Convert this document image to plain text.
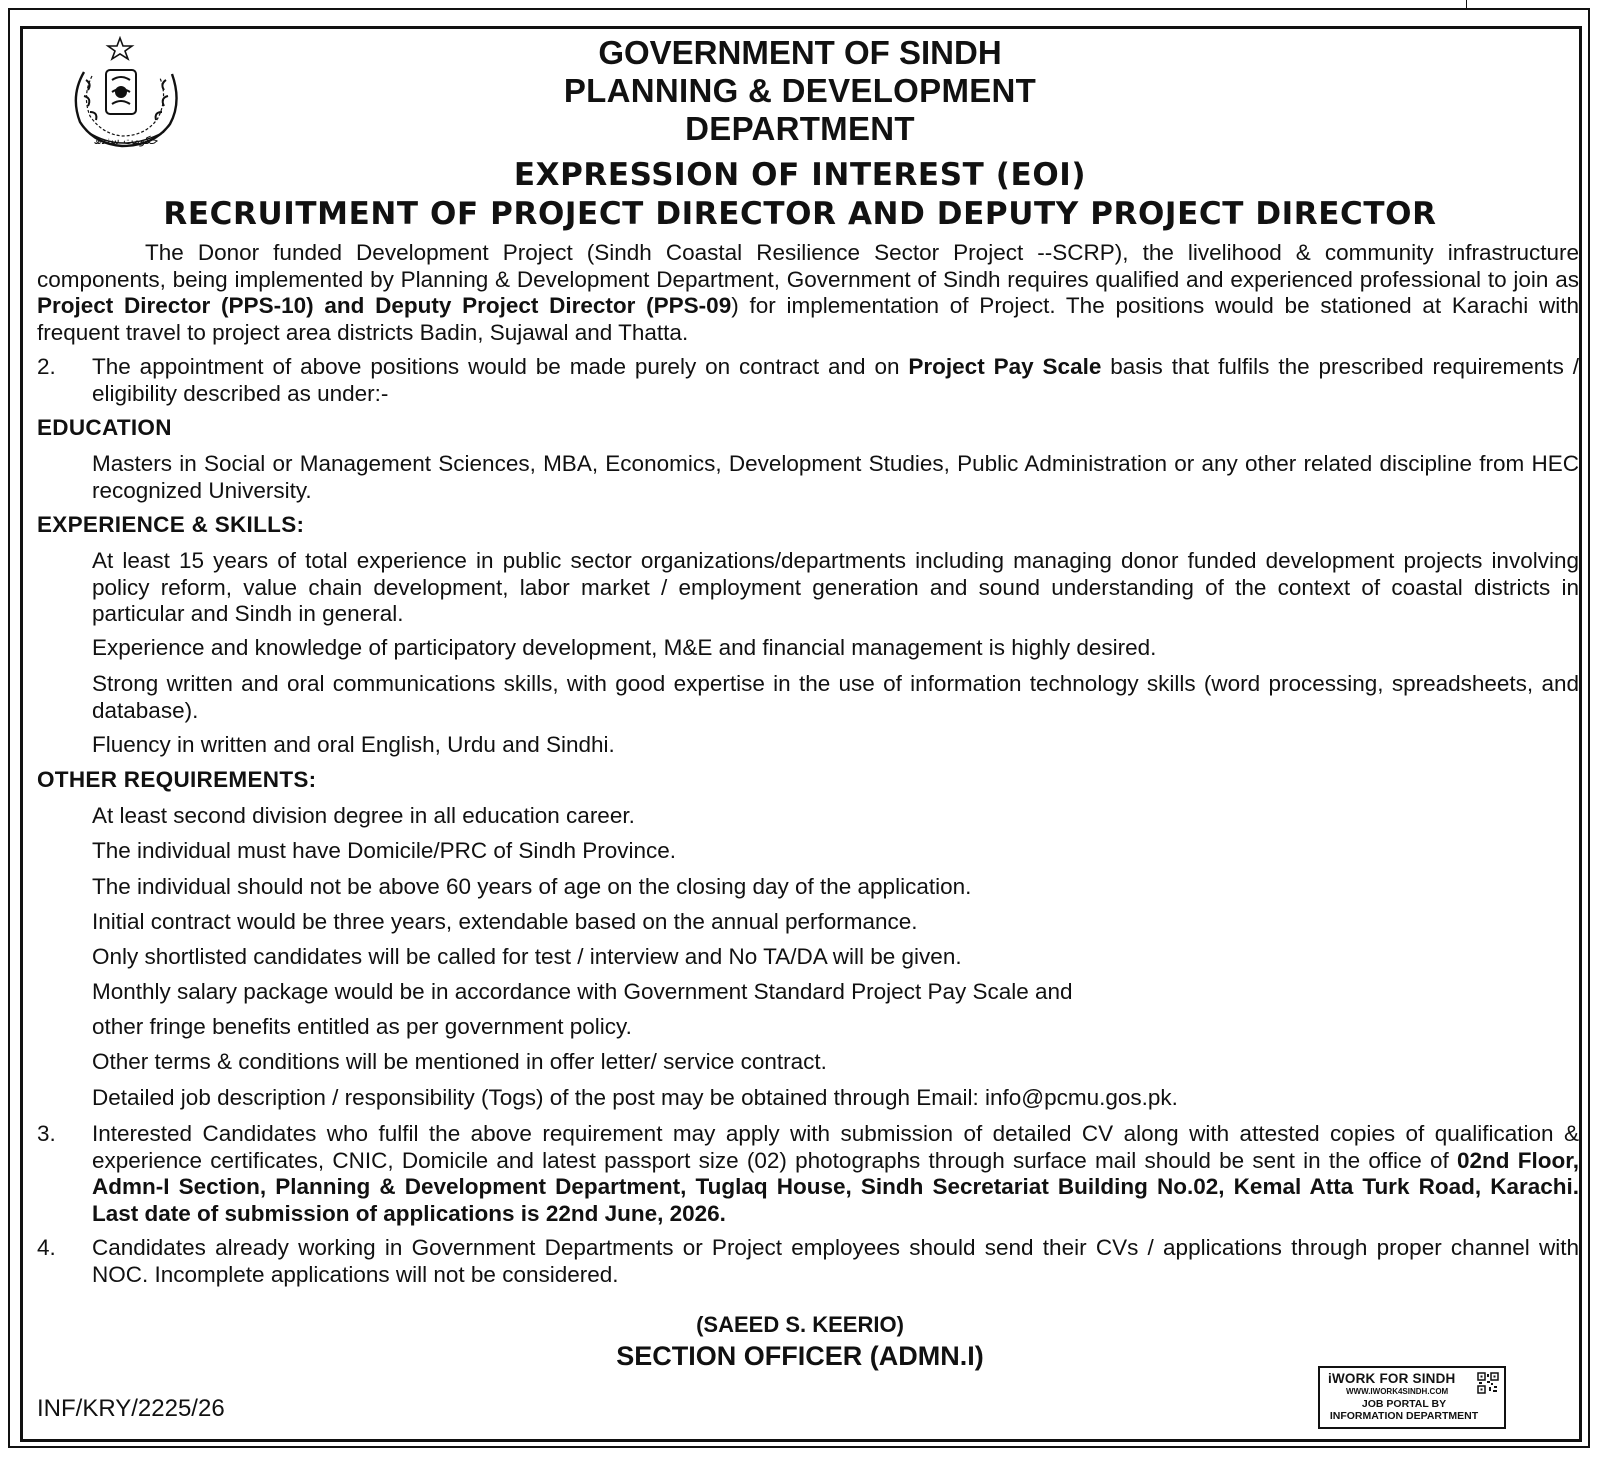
حکومت سندھ
GOVERNMENT OF SINDH
PLANNING & DEVELOPMENT
DEPARTMENT
EXPRESSION OF INTEREST (EOI)
RECRUITMENT OF PROJECT DIRECTOR AND DEPUTY PROJECT DIRECTOR
The Donor funded Development Project (Sindh Coastal Resilience Sector Project --SCRP), the livelihood & community infrastructure components, being implemented by Planning & Development Department, Government of Sindh requires qualified and experienced professional to join as Project Director (PPS-10) and Deputy Project Director (PPS-09) for implementation of Project. The positions would be stationed at Karachi with frequent travel to project area districts Badin, Sujawal and Thatta.
2. The appointment of above positions would be made purely on contract and on Project Pay Scale basis that fulfils the prescribed requirements / eligibility described as under:-
EDUCATION
Masters in Social or Management Sciences, MBA, Economics, Development Studies, Public Administration or any other related discipline from HEC recognized University.
EXPERIENCE & SKILLS:
At least 15 years of total experience in public sector organizations/departments including managing donor funded development projects involving policy reform, value chain development, labor market / employment generation and sound understanding of the context of coastal districts in particular and Sindh in general.
Experience and knowledge of participatory development, M&E and financial management is highly desired.
Strong written and oral communications skills, with good expertise in the use of information technology skills (word processing, spreadsheets, and database).
Fluency in written and oral English, Urdu and Sindhi.
OTHER REQUIREMENTS:
At least second division degree in all education career.
The individual must have Domicile/PRC of Sindh Province.
The individual should not be above 60 years of age on the closing day of the application.
Initial contract would be three years, extendable based on the annual performance.
Only shortlisted candidates will be called for test / interview and No TA/DA will be given.
Monthly salary package would be in accordance with Government Standard Project Pay Scale and
other fringe benefits entitled as per government policy.
Other terms & conditions will be mentioned in offer letter/ service contract.
Detailed job description / responsibility (Togs) of the post may be obtained through Email: info@pcmu.gos.pk.
3. Interested Candidates who fulfil the above requirement may apply with submission of detailed CV along with attested copies of qualification & experience certificates, CNIC, Domicile and latest passport size (02) photographs through surface mail should be sent in the office of 02nd Floor, Admn-I Section, Planning & Development Department, Tuglaq House, Sindh Secretariat Building No.02, Kemal Atta Turk Road, Karachi. Last date of submission of applications is 22nd June, 2026.
4. Candidates already working in Government Departments or Project employees should send their CVs / applications through proper channel with NOC. Incomplete applications will not be considered.
(SAEED S. KEERIO)
SECTION OFFICER (ADMN.I)
INF/KRY/2225/26
iWORK FOR SINDH
WWW.IWORK4SINDH.COM
JOB PORTAL BY
INFORMATION DEPARTMENT
